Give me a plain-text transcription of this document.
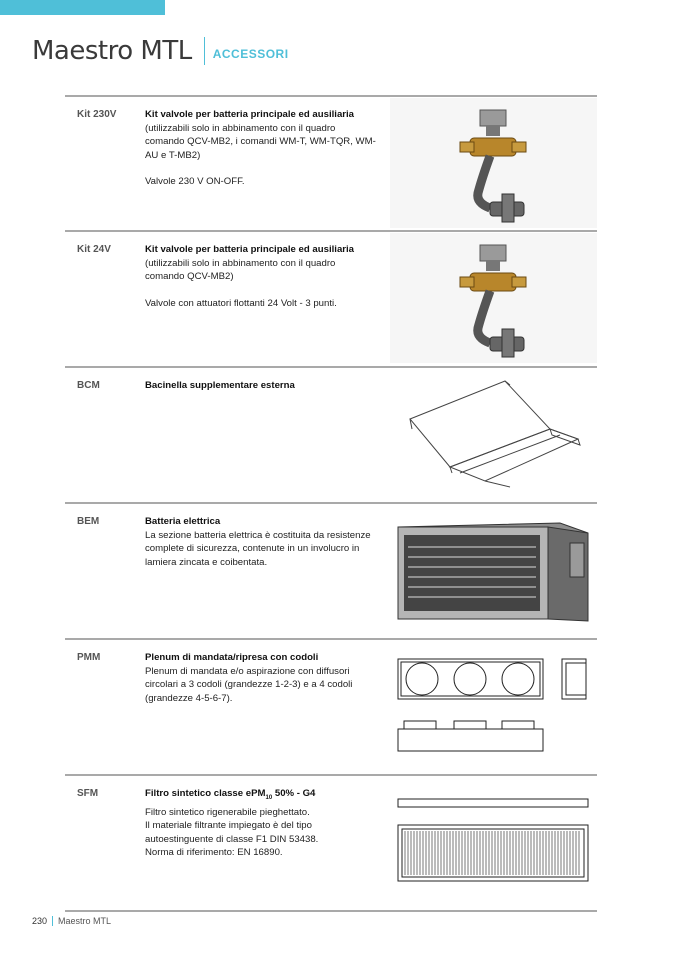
Maestro MTL ACCESSORI
Kit 230V	Kit valvole per batteria principale ed ausiliaria
(utilizzabili solo in abbinamento con il quadro comando QCV-MB2, i comandi WM-T, WM-TQR, WM-AU e T-MB2)
Valvole 230 V ON-OFF.
Kit 24V	Kit valvole per batteria principale ed ausiliaria
(utilizzabili solo in abbinamento con il quadro comando QCV-MB2)
Valvole con attuatori flottanti 24 Volt - 3 punti.
BCM	Bacinella supplementare esterna
BEM	Batteria elettrica
La sezione batteria elettrica è costituita da resistenze complete di sicurezza, contenute in un involucro in lamiera zincata e coibentata.
PMM	Plenum di mandata/ripresa con codoli
Plenum di mandata e/o aspirazione con diffusori circolari a 3 codoli (grandezze 1-2-3) e a 4 codoli (grandezze 4-5-6-7).
SFM	Filtro sintetico classe ePM$_{10}$ 50% - G4
Filtro sintetico rigenerabile pieghettato.
Il materiale filtrante impiegato è del tipo autoestinguente di classe F1 DIN 53438.
Norma di riferimento: EN 16890.
230 Maestro MTL
